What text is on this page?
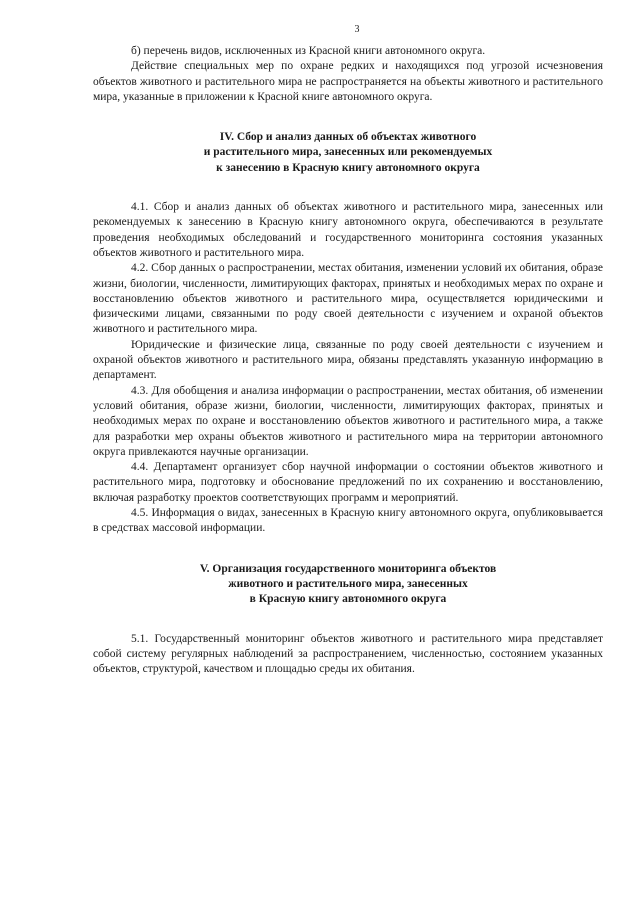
3

б) перечень видов, исключенных из Красной книги автономного округа.

Действие специальных мер по охране редких и находящихся под угрозой исчезновения объектов животного и растительного мира не распространяется на объекты животного и растительного мира, указанные в приложении к Красной книге автономного округа.

IV. Сбор и анализ данных об объектах животного
и растительного мира, занесенных или рекомендуемых
к занесению в Красную книгу автономного округа

4.1. Сбор и анализ данных об объектах животного и растительного мира, занесенных или рекомендуемых к занесению в Красную книгу автономного округа, обеспечиваются в результате проведения необходимых обследований и государственного мониторинга состояния указанных объектов животного и растительного мира.

4.2. Сбор данных о распространении, местах обитания, изменении условий их обитания, образе жизни, биологии, численности, лимитирующих факторах, принятых и необходимых мерах по охране и восстановлению объектов животного и растительного мира, осуществляется юридическими и физическими лицами, связанными по роду своей деятельности с изучением и охраной объектов животного и растительного мира.

Юридические и физические лица, связанные по роду своей деятельности с изучением и охраной объектов животного и растительного мира, обязаны представлять указанную информацию в департамент.

4.3. Для обобщения и анализа информации о распространении, местах обитания, об изменении условий обитания, образе жизни, биологии, численности, лимитирующих факторах, принятых и необходимых мерах по охране и восстановлению объектов животного и растительного мира, а также для разработки мер охраны объектов животного и растительного мира на территории автономного округа привлекаются научные организации.

4.4. Департамент организует сбор научной информации о состоянии объектов животного и растительного мира, подготовку и обоснование предложений по их сохранению и восстановлению, включая разработку проектов соответствующих программ и мероприятий.

4.5. Информация о видах, занесенных в Красную книгу автономного округа, опубликовывается в средствах массовой информации.

V. Организация государственного мониторинга объектов
животного и растительного мира, занесенных
в Красную книгу автономного округа

5.1. Государственный мониторинг объектов животного и растительного мира представляет собой систему регулярных наблюдений за распространением, численностью, состоянием указанных объектов, структурой, качеством и площадью среды их обитания.
